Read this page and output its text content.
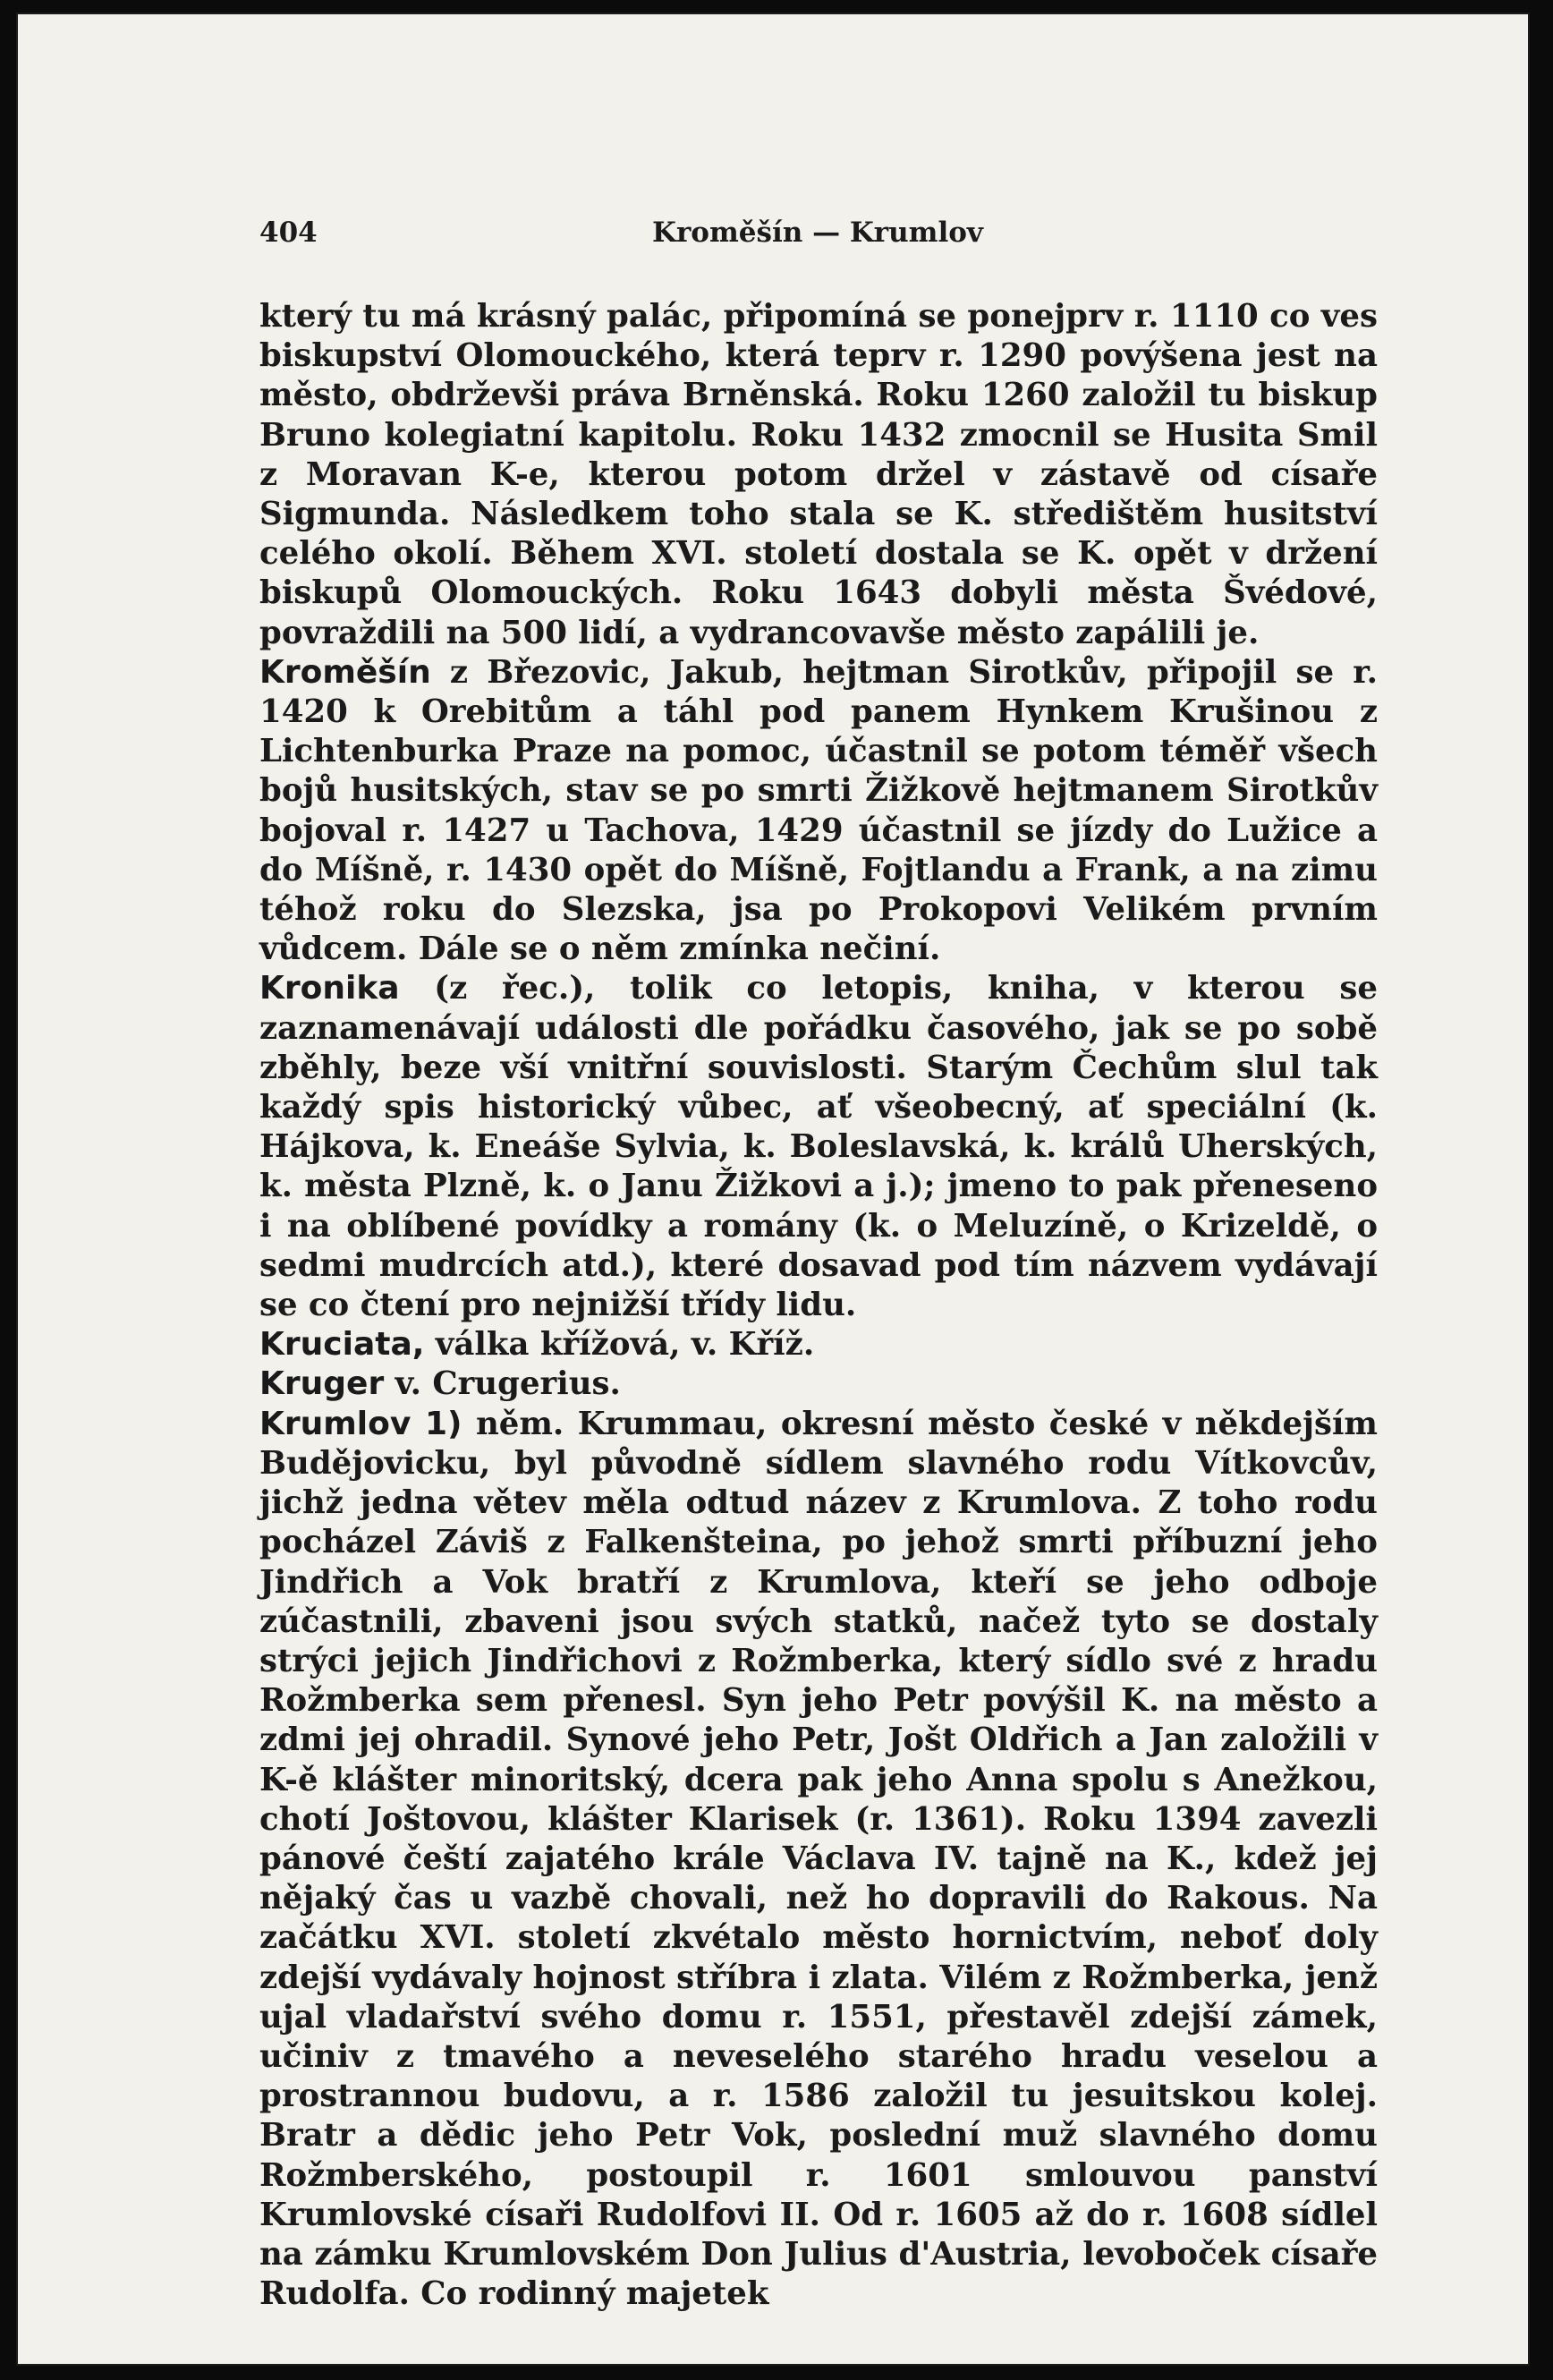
404	Kroměšín — Krumlov

který tu má krásný palác, připomíná se ponejprv r. 1110 co ves biskupství Olomouckého, která teprv r. 1290 povýšena jest na město, obdrževši práva Brněnská. Roku 1260 založil tu biskup Bruno kolegiatní kapitolu. Roku 1432 zmocnil se Husita Smil z Moravan K-e, kterou potom držel v zástavě od císaře Sigmunda. Následkem toho stala se K. středištěm husitství celého okolí. Během XVI. století dostala se K. opět v držení biskupů Olomouckých. Roku 1643 dobyli města Švédové, povraždili na 500 lidí, a vydrancovavše město zapálili je.

Kroměšín z Březovic, Jakub, hejtman Sirotkův, připojil se r. 1420 k Orebitům a táhl pod panem Hynkem Krušinou z Lichtenburka Praze na pomoc, účastnil se potom téměř všech bojů husitských, stav se po smrti Žižkově hejtmanem Sirotkův bojoval r. 1427 u Tachova, 1429 účastnil se jízdy do Lužice a do Míšně, r. 1430 opět do Míšně, Fojtlandu a Frank, a na zimu téhož roku do Slezska, jsa po Prokopovi Velikém prvním vůdcem. Dále se o něm zmínka nečiní.

Kronika (z řec.), tolik co letopis, kniha, v kterou se zaznamenávají události dle pořádku časového, jak se po sobě zběhly, beze vší vnitřní souvislosti. Starým Čechům slul tak každý spis historický vůbec, ať všeobecný, ať speciální (k. Hájkova, k. Eneáše Sylvia, k. Boleslavská, k. králů Uherských, k. města Plzně, k. o Janu Žižkovi a j.); jmeno to pak přeneseno i na oblíbené povídky a romány (k. o Meluzíně, o Krizeldě, o sedmi mudrcích atd.), které dosavad pod tím názvem vydávají se co čtení pro nejnižší třídy lidu.

Kruciata, válka křížová, v. Kříž.

Kruger v. Crugerius.

Krumlov 1) něm. Krummau, okresní město české v někdejším Budějovicku, byl původně sídlem slavného rodu Vítkovcův, jichž jedna větev měla odtud název z Krumlova. Z toho rodu pocházel Záviš z Falkenšteina, po jehož smrti příbuzní jeho Jindřich a Vok bratří z Krumlova, kteří se jeho odboje zúčastnili, zbaveni jsou svých statků, načež tyto se dostaly strýci jejich Jindřichovi z Rožmberka, který sídlo své z hradu Rožmberka sem přenesl. Syn jeho Petr povýšil K. na město a zdmi jej ohradil. Synové jeho Petr, Jošt Oldřich a Jan založili v K-ě klášter minoritský, dcera pak jeho Anna spolu s Anežkou, chotí Joštovou, klášter Klarisek (r. 1361). Roku 1394 zavezli pánové čeští zajatého krále Václava IV. tajně na K., kdež jej nějaký čas u vazbě chovali, než ho dopravili do Rakous. Na začátku XVI. století zkvétalo město hornictvím, neboť doly zdejší vydávaly hojnost stříbra i zlata. Vilém z Rožmberka, jenž ujal vladařství svého domu r. 1551, přestavěl zdejší zámek, učiniv z tmavého a neveselého starého hradu veselou a prostrannou budovu, a r. 1586 založil tu jesuitskou kolej. Bratr a dědic jeho Petr Vok, poslední muž slavného domu Rožmberského, postoupil r. 1601 smlouvou panství Krumlovské císaři Rudolfovi II. Od r. 1605 až do r. 1608 sídlel na zámku Krumlovském Don Julius d'Austria, levoboček císaře Rudolfa. Co rodinný majetek
